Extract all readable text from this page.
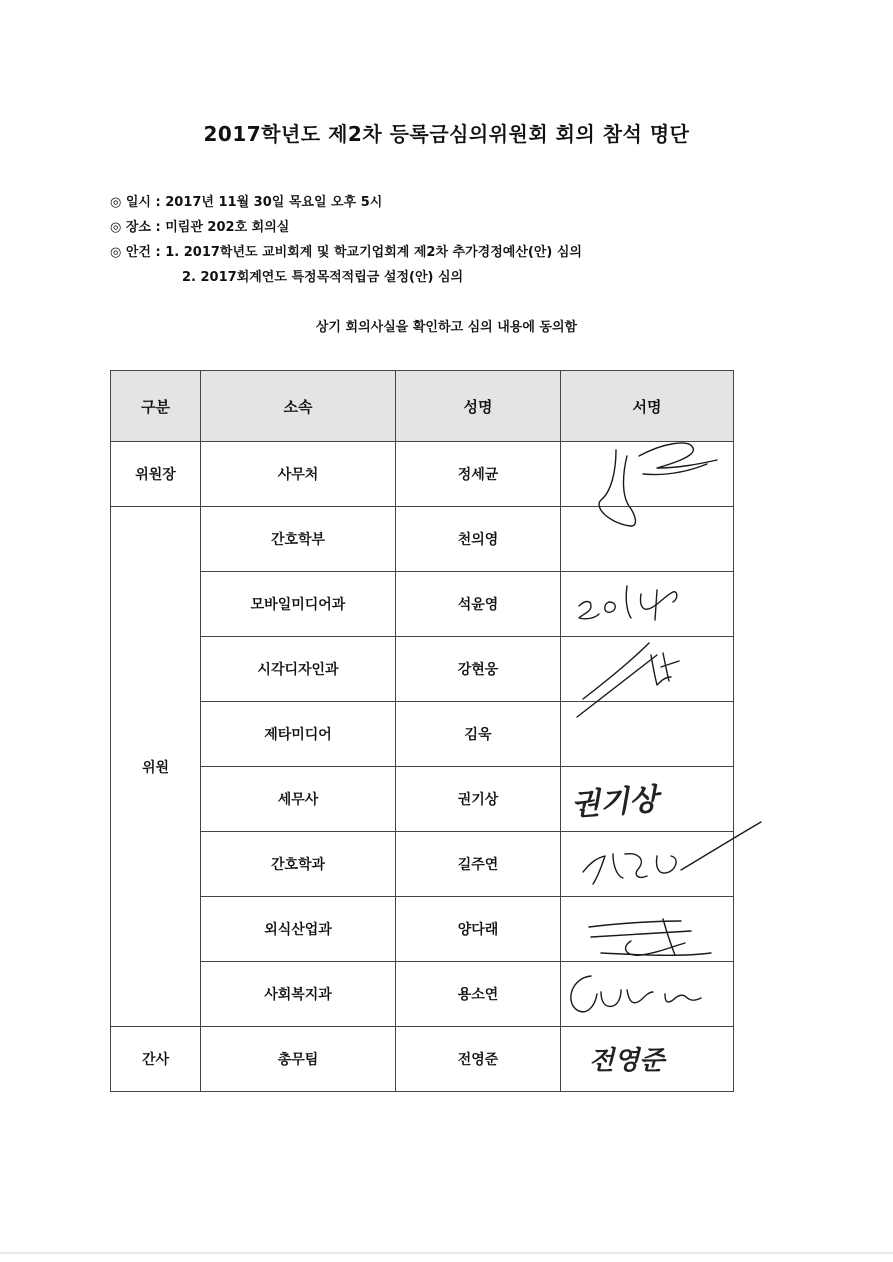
2017학년도 제2차 등록금심의위원회 회의 참석 명단
◎ 일시 : 2017년 11월 30일 목요일 오후 5시
◎ 장소 : 미림관 202호 회의실
◎ 안건 : 1. 2017학년도 교비회계 및 학교기업회계 제2차 추가경정예산(안) 심의
2. 2017회계연도 특정목적적립금 설정(안) 심의
상기 회의사실을 확인하고 심의 내용에 동의함
구분	소속	성명	서명
위원장	사무처	정세균	

위원	간호학부	천의영	
	모바일미디어과	석윤영	

	시각디자인과	강현웅	

	제타미디어	김욱	
	세무사	권기상	권기상

	간호학과	길주연	

	외식산업과	양다래	

	사회복지과	용소연	

간사	총무팀	전영준	전영준
